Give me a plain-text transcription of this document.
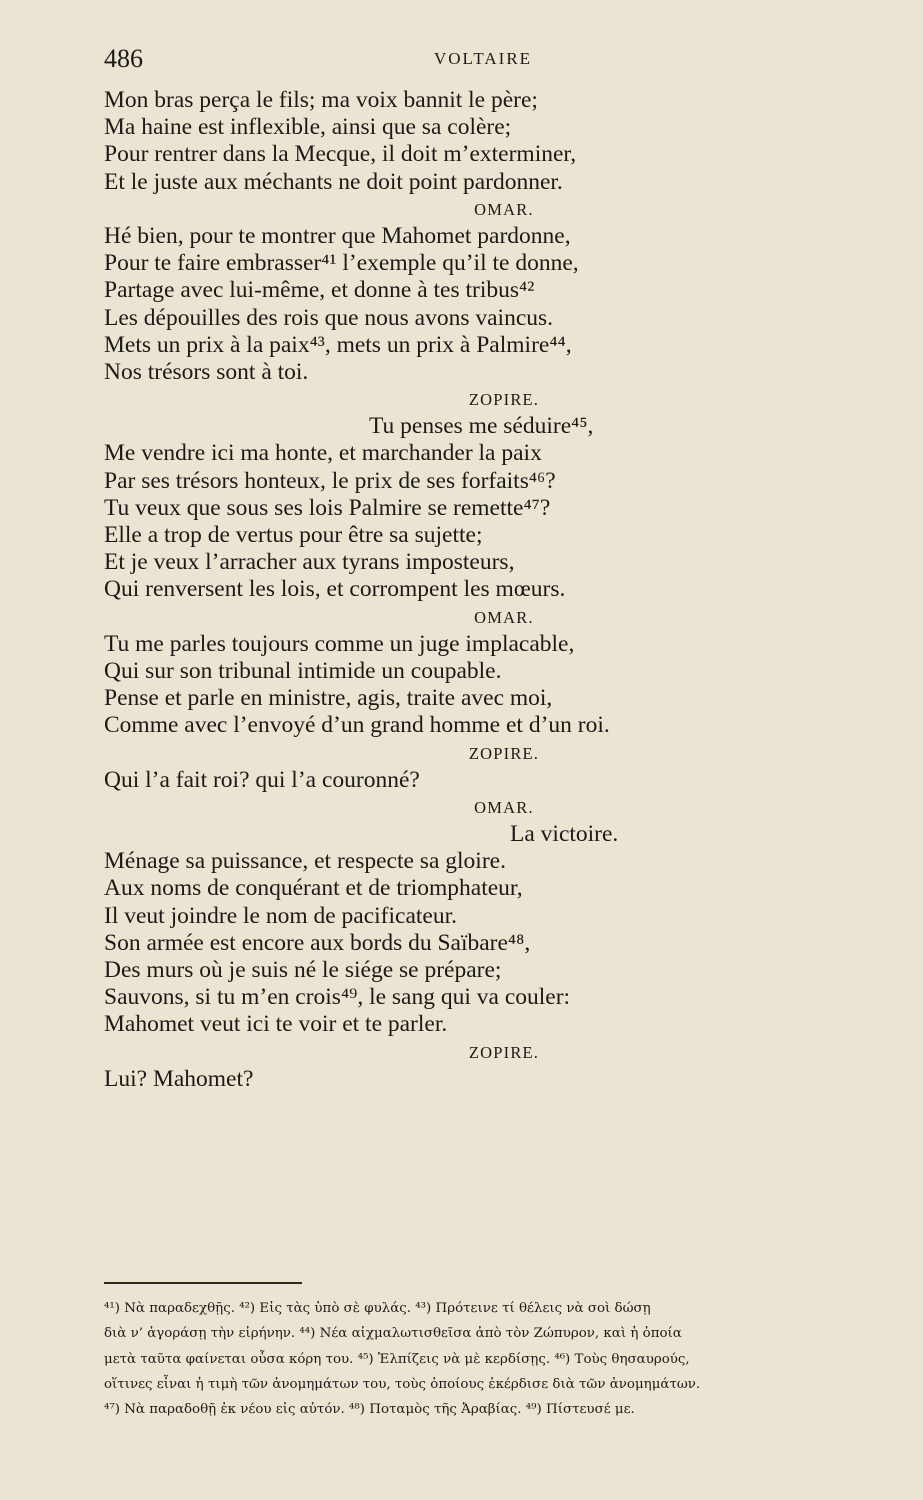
486	VOLTAIRE
Mon bras perça le fils; ma voix bannit le père;
Ma haine est inflexible, ainsi que sa colère;
Pour rentrer dans la Mecque, il doit m’exterminer,
Et le juste aux méchants ne doit point pardonner.
OMAR.
Hé bien, pour te montrer que Mahomet pardonne,
Pour te faire embrasser⁴¹ l’exemple qu’il te donne,
Partage avec lui-même, et donne à tes tribus⁴²
Les dépouilles des rois que nous avons vaincus.
Mets un prix à la paix⁴³, mets un prix à Palmire⁴⁴,
Nos trésors sont à toi.
ZOPIRE.
Tu penses me séduire⁴⁵,
Me vendre ici ma honte, et marchander la paix
Par ses trésors honteux, le prix de ses forfaits⁴⁶?
Tu veux que sous ses lois Palmire se remette⁴⁷?
Elle a trop de vertus pour être sa sujette;
Et je veux l’arracher aux tyrans imposteurs,
Qui renversent les lois, et corrompent les mœurs.
OMAR.
Tu me parles toujours comme un juge implacable,
Qui sur son tribunal intimide un coupable.
Pense et parle en ministre, agis, traite avec moi,
Comme avec l’envoyé d’un grand homme et d’un roi.
ZOPIRE.
Qui l’a fait roi? qui l’a couronné?
OMAR.
La victoire.
Ménage sa puissance, et respecte sa gloire.
Aux noms de conquérant et de triomphateur,
Il veut joindre le nom de pacificateur.
Son armée est encore aux bords du Saïbare⁴⁸,
Des murs où je suis né le siége se prépare;
Sauvons, si tu m’en crois⁴⁹, le sang qui va couler:
Mahomet veut ici te voir et te parler.
ZOPIRE.
Lui? Mahomet?
⁴¹) Νὰ παραδεχθῇς. ⁴²) Εἰς τὰς ὑπὸ σὲ φυλάς. ⁴³) Πρότεινε τί θέλεις νὰ σοὶ δώσῃ
διὰ ν’ ἀγοράσῃ τὴν εἰρήνην. ⁴⁴) Νέα αἰχμαλωτισθεῖσα ἀπὸ τὸν Ζώπυρον, καὶ ἡ ὁποία
μετὰ ταῦτα φαίνεται οὖσα κόρη του. ⁴⁵) Ἐλπίζεις νὰ μὲ κερδίσῃς. ⁴⁶) Τοὺς θησαυρούς,
οἵτινες εἶναι ἡ τιμὴ τῶν ἀνομημάτων του, τοὺς ὁποίους ἐκέρδισε διὰ τῶν ἀνομημάτων.
⁴⁷) Νὰ παραδοθῇ ἐκ νέου εἰς αὐτόν. ⁴⁸) Ποταμὸς τῆς Ἀραβίας. ⁴⁹) Πίστευσέ με.
